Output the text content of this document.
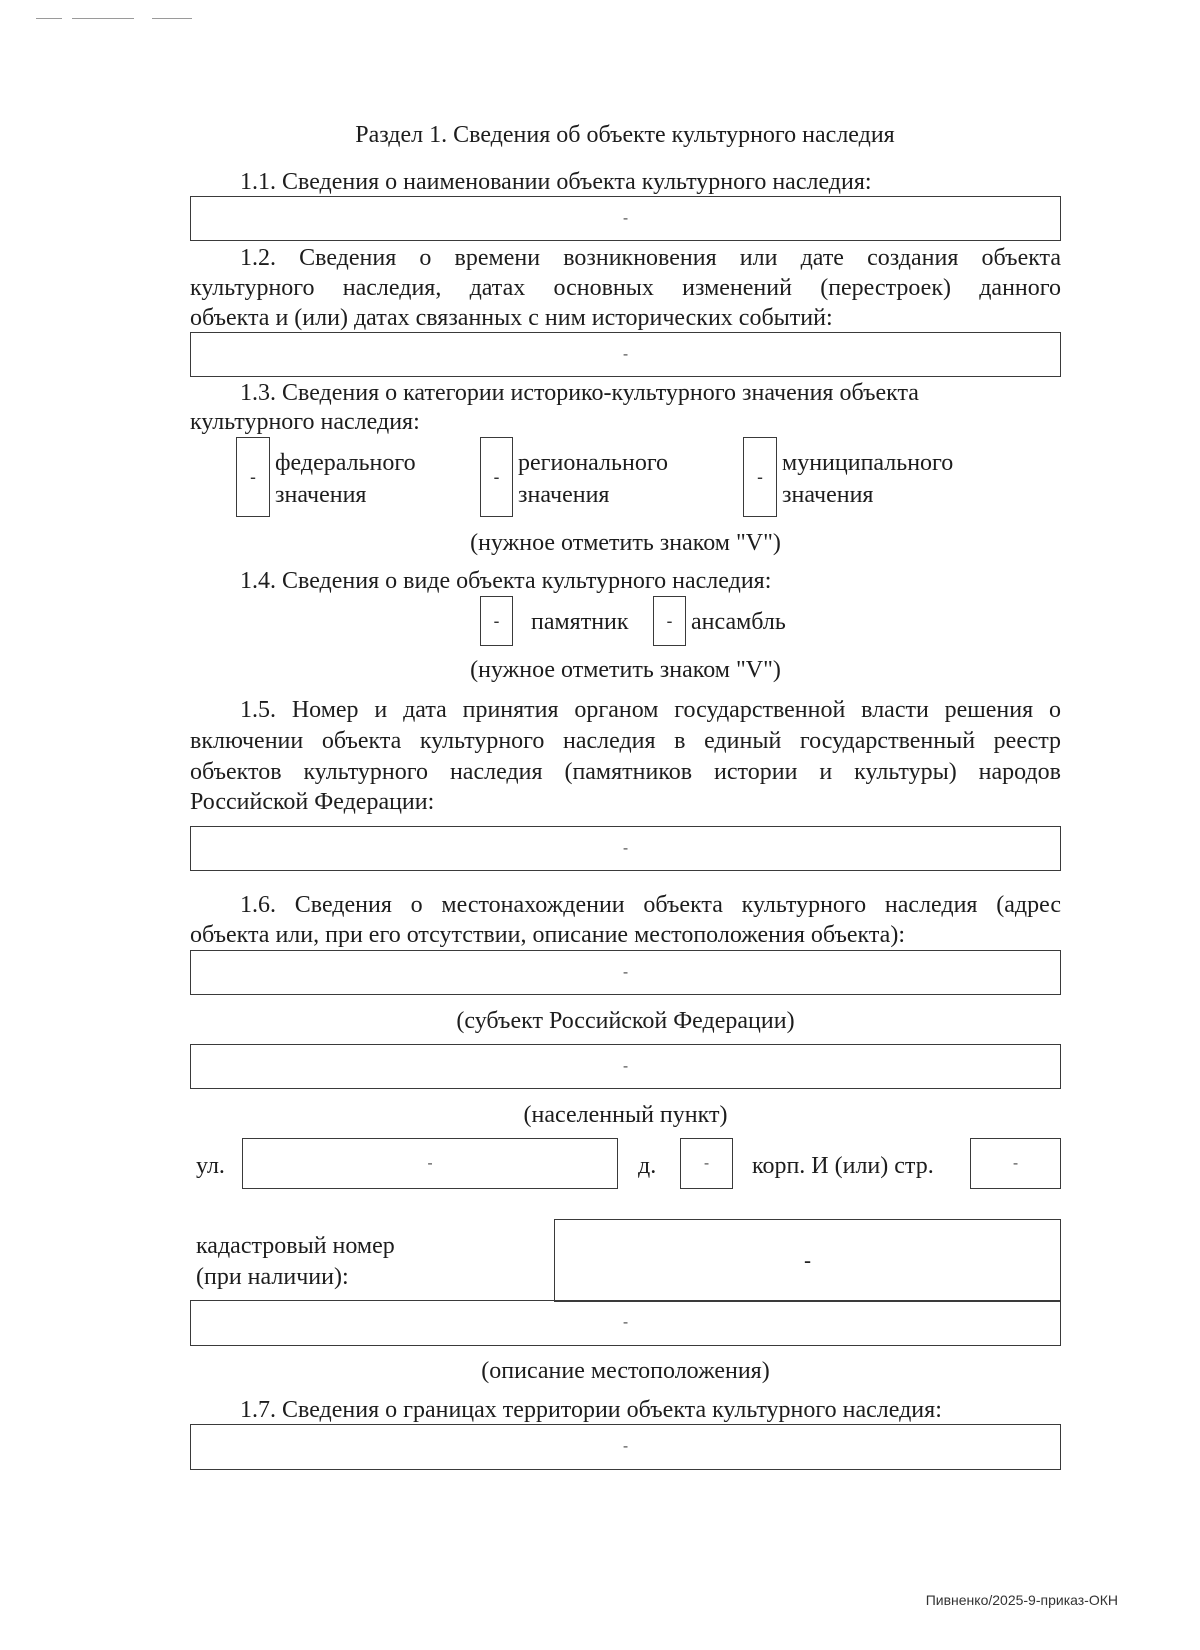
Раздел 1. Сведения об объекте культурного наследия
1.1. Сведения о наименовании объекта культурного наследия:
-
1.2. Сведения о времени возникновения или дате создания объекта
культурного наследия, датах основных изменений (перестроек) данного
объекта и (или) датах связанных с ним исторических событий:
-
1.3. Сведения о категории историко-культурного значения объекта
культурного наследия:
-
федерального
значения
-
регионального
значения
-
муниципального
значения
(нужное отметить знаком "V")
1.4. Сведения о виде объекта культурного наследия:
-	памятник	- ансамбль
(нужное отметить знаком "V")
1.5. Номер и дата принятия органом государственной власти решения о
включении объекта культурного наследия в единый государственный реестр
объектов культурного наследия (памятников истории и культуры) народов
Российской Федерации:
-
1.6. Сведения о местонахождении объекта культурного наследия (адрес
объекта или, при его отсутствии, описание местоположения объекта):
-
(субъект Российской Федерации)
-
(населенный пункт)
ул.	-	д.	-	корп. И (или) стр.	-
кадастровый номер
(при наличии):
-
-
(описание местоположения)
1.7. Сведения о границах территории объекта культурного наследия:
-
Пивненко/2025-9-приказ-ОКН
